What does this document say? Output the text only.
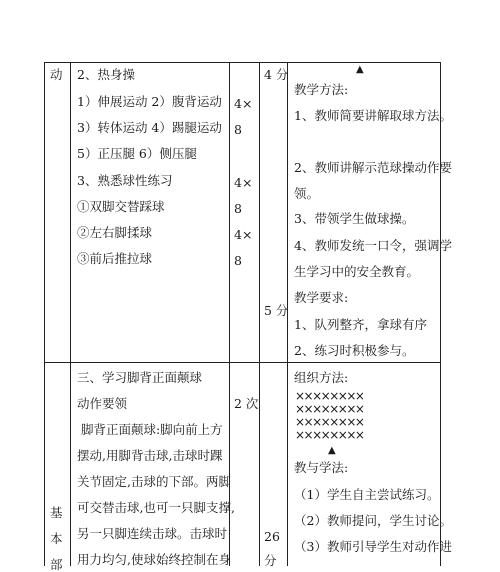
动 2、热身操
1）伸展运动 2）腹背运动
3）转体运动 4）踢腿运动
5）正压腿 6）侧压腿
3、熟悉球性练习
①双脚交替踩球
②左右脚揉球
③前后推拉球
4×
8
4×
8
4×
8
4 分
5 分
▲
教学方法:
1、教师简要讲解取球方法。
2、教师讲解示范球操动作要
领。
3、带领学生做球操。
4、教师发统一口令，强调学
生学习中的安全教育。
教学要求:
1、队列整齐，拿球有序
2、练习时积极参与。
基
本
部
三、学习脚背正面颠球
动作要领
脚背正面颠球:脚向前上方
摆动,用脚背击球,击球时踝
关节固定,击球的下部。两脚
可交替击球,也可一只脚支撑,
另一只脚连续击球。击球时
用力均匀,使球始终控制在身
2 次
26
分
组织方法:
××××××××
××××××××
××××××××
××××××××
▲
教与学法:
（1）学生自主尝试练习。
（2）教师提问，学生讨论。
（3）教师引导学生对动作进
